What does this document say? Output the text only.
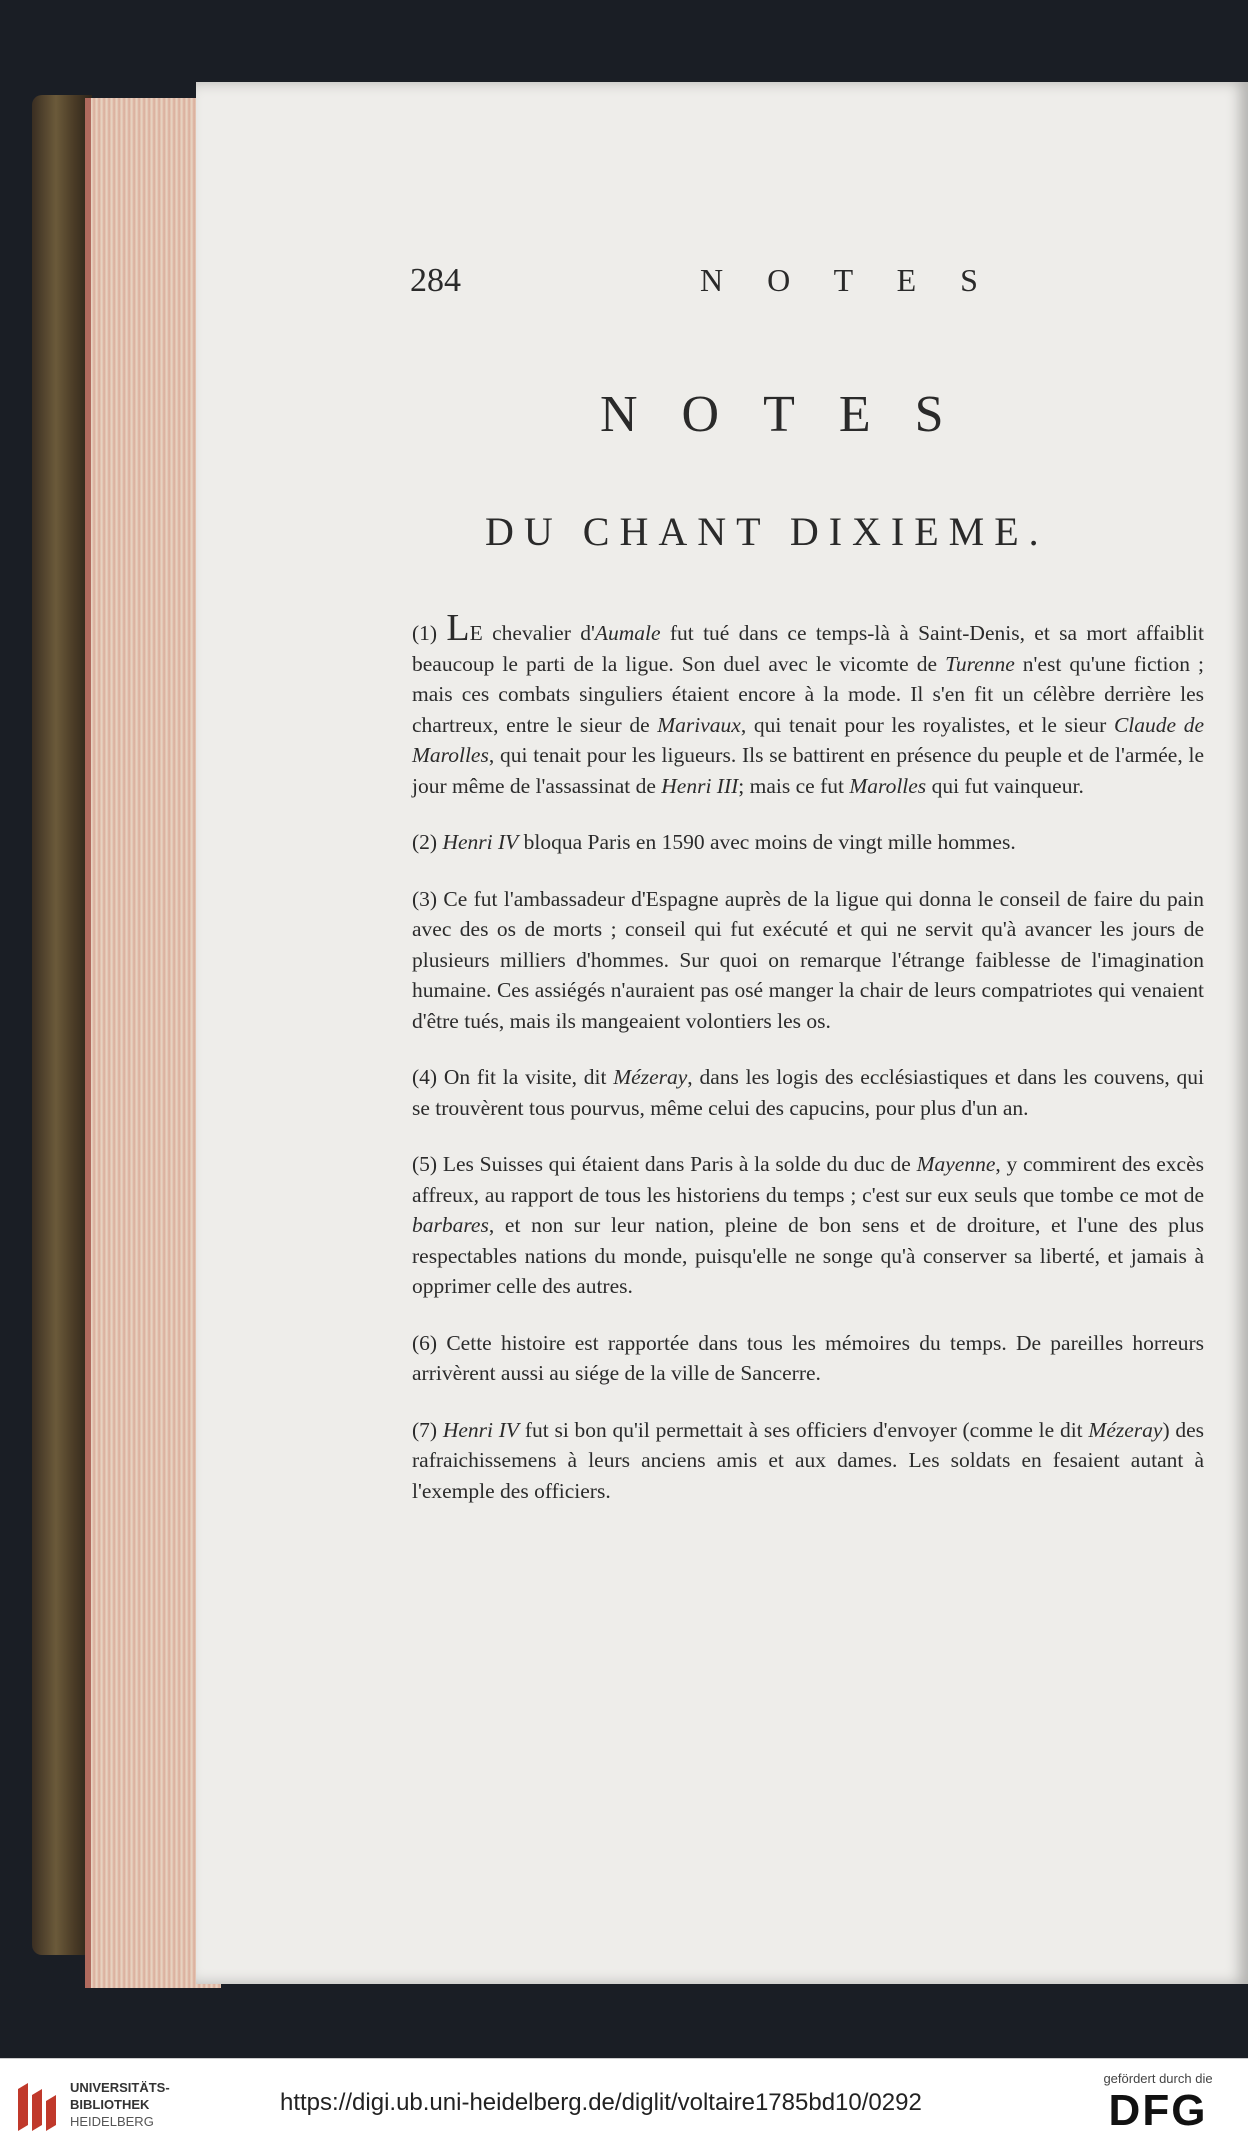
284	N O T E S
NOTES
DU CHANT DIXIEME.

(1) LE chevalier d'Aumale fut tué dans ce temps-là à Saint-Denis, et sa mort affaiblit beaucoup le parti de la ligue. Son duel avec le vicomte de Turenne n'est qu'une fiction ; mais ces combats singuliers étaient encore à la mode. Il s'en fit un célèbre derrière les chartreux, entre le sieur de Marivaux, qui tenait pour les royalistes, et le sieur Claude de Marolles, qui tenait pour les ligueurs. Ils se battirent en présence du peuple et de l'armée, le jour même de l'assassinat de Henri III; mais ce fut Marolles qui fut vainqueur.

(2) Henri IV bloqua Paris en 1590 avec moins de vingt mille hommes.

(3) Ce fut l'ambassadeur d'Espagne auprès de la ligue qui donna le conseil de faire du pain avec des os de morts ; conseil qui fut exécuté et qui ne servit qu'à avancer les jours de plusieurs milliers d'hommes. Sur quoi on remarque l'étrange faiblesse de l'imagination humaine. Ces assiégés n'auraient pas osé manger la chair de leurs compatriotes qui venaient d'être tués, mais ils mangeaient volontiers les os.

(4) On fit la visite, dit Mézeray, dans les logis des ecclésiastiques et dans les couvens, qui se trouvèrent tous pourvus, même celui des capucins, pour plus d'un an.

(5) Les Suisses qui étaient dans Paris à la solde du duc de Mayenne, y commirent des excès affreux, au rapport de tous les historiens du temps ; c'est sur eux seuls que tombe ce mot de barbares, et non sur leur nation, pleine de bon sens et de droiture, et l'une des plus respectables nations du monde, puisqu'elle ne songe qu'à conserver sa liberté, et jamais à opprimer celle des autres.

(6) Cette histoire est rapportée dans tous les mémoires du temps. De pareilles horreurs arrivèrent aussi au siége de la ville de Sancerre.

(7) Henri IV fut si bon qu'il permettait à ses officiers d'envoyer (comme le dit Mézeray) des rafraichissemens à leurs anciens amis et aux dames. Les soldats en fesaient autant à l'exemple des officiers.

UNIVERSITÄTS-
BIBLIOTHEK
HEIDELBERG
https://digi.ub.uni-heidelberg.de/diglit/voltaire1785bd10/0292
gefördert durch die
DFG
